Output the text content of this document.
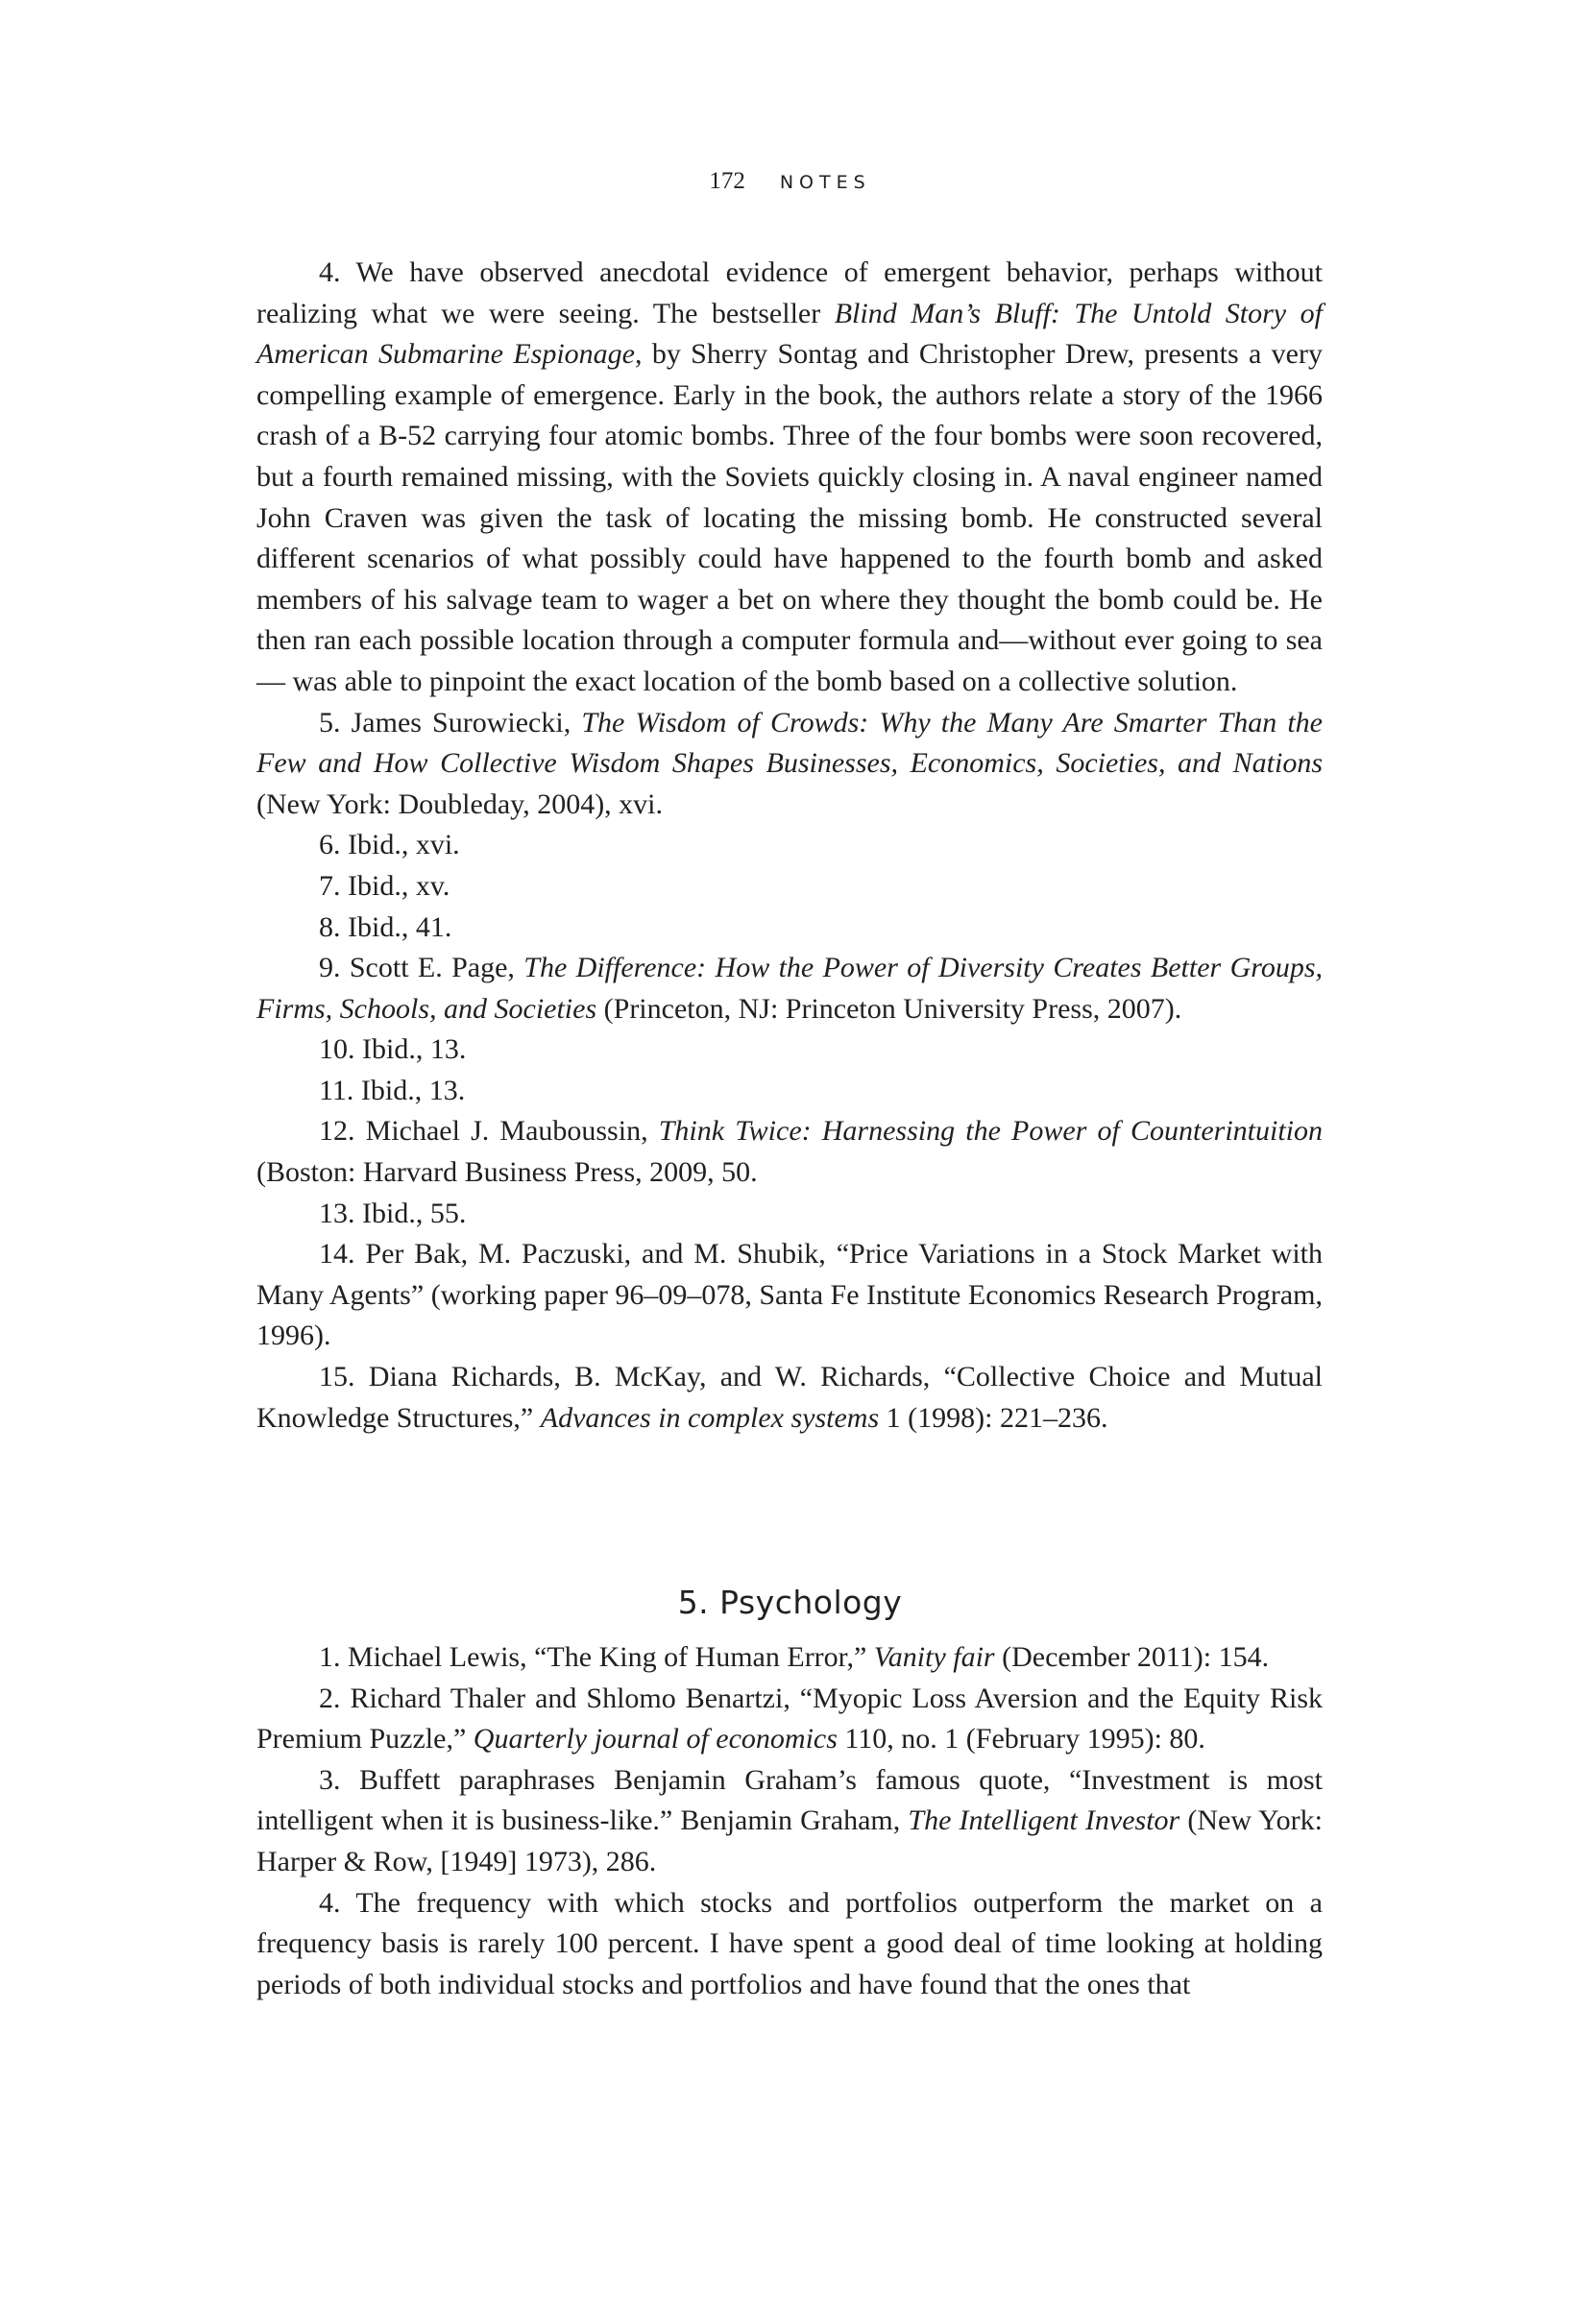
172 NOTES

4. We have observed anecdotal evidence of emergent behavior, perhaps without realizing what we were seeing. The bestseller Blind Man’s Bluff: The Untold Story of American Submarine Espionage, by Sherry Sontag and Christopher Drew, presents a very compelling example of emergence. Early in the book, the authors relate a story of the 1966 crash of a B-52 carrying four atomic bombs. Three of the four bombs were soon recovered, but a fourth remained missing, with the Soviets quickly closing in. A naval engineer named John Craven was given the task of locating the missing bomb. He constructed several different scenarios of what possibly could have happened to the fourth bomb and asked members of his salvage team to wager a bet on where they thought the bomb could be. He then ran each possible location through a computer formula and—without ever going to sea— was able to pinpoint the exact location of the bomb based on a collective solution.

5. James Surowiecki, The Wisdom of Crowds: Why the Many Are Smarter Than the Few and How Collective Wisdom Shapes Businesses, Economics, Societies, and Nations (New York: Doubleday, 2004), xvi.

6. Ibid., xvi.

7. Ibid., xv.

8. Ibid., 41.

9. Scott E. Page, The Difference: How the Power of Diversity Creates Better Groups, Firms, Schools, and Societies (Princeton, NJ: Princeton University Press, 2007).

10. Ibid., 13.

11. Ibid., 13.

12. Michael J. Mauboussin, Think Twice: Harnessing the Power of Counterintuition (Boston: Harvard Business Press, 2009, 50.

13. Ibid., 55.

14. Per Bak, M. Paczuski, and M. Shubik, “Price Variations in a Stock Market with Many Agents” (working paper 96–09–078, Santa Fe Institute Economics Research Program, 1996).

15. Diana Richards, B. McKay, and W. Richards, “Collective Choice and Mutual Knowledge Structures,” Advances in complex systems 1 (1998): 221–236.

5. Psychology

1. Michael Lewis, “The King of Human Error,” Vanity fair (December 2011): 154.

2. Richard Thaler and Shlomo Benartzi, “Myopic Loss Aversion and the Equity Risk Premium Puzzle,” Quarterly journal of economics 110, no. 1 (February 1995): 80.

3. Buffett paraphrases Benjamin Graham’s famous quote, “Investment is most intelligent when it is business-like.” Benjamin Graham, The Intelligent Investor (New York: Harper & Row, [1949] 1973), 286.

4. The frequency with which stocks and portfolios outperform the market on a frequency basis is rarely 100 percent. I have spent a good deal of time looking at holding periods of both individual stocks and portfolios and have found that the ones that
